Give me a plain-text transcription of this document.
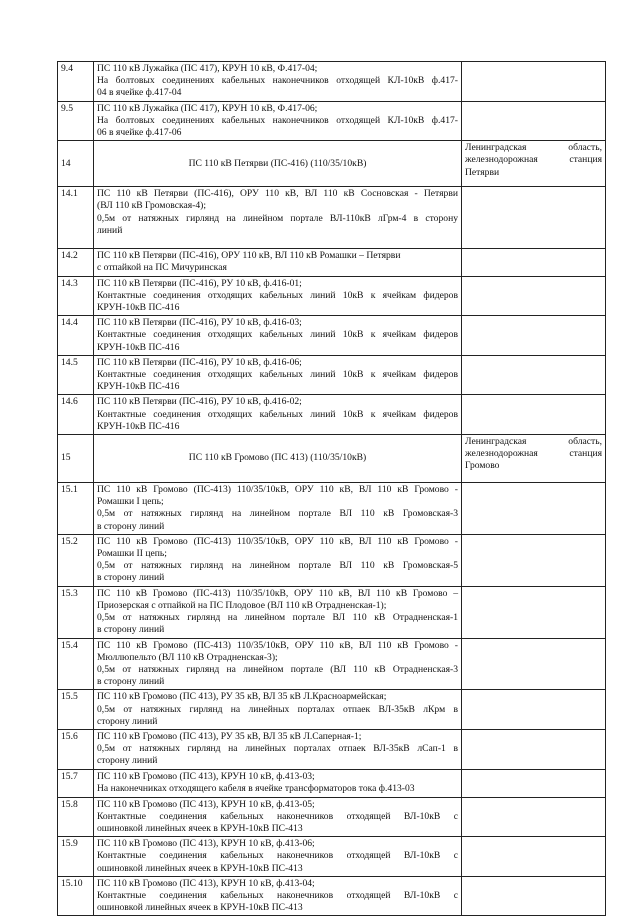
9.4	ПС 110 кВ Лужайка (ПС 417), КРУН 10 кВ, Ф.417-04;
На болтовых соединениях кабельных наконечников отходящей КЛ-10кВ ф.417-
04 в ячейке ф.417-04	

9.5	ПС 110 кВ Лужайка (ПС 417), КРУН 10 кВ, Ф.417-06;
На болтовых соединениях кабельных наконечников отходящей КЛ-10кВ ф.417-
06 в ячейке ф.417-06	

14	ПС 110 кВ Петярви (ПС-416) (110/35/10кВ)	Ленинградская область,
железнодорожная станция
Петярви

14.1	ПС 110 кВ Петярви (ПС-416), ОРУ 110 кВ, ВЛ 110 кВ Сосновская - Петярви
(ВЛ 110 кВ Громовская-4);
0,5м от натяжных гирлянд на линейном портале ВЛ-110кВ лГрм-4 в сторону
линий	

14.2	ПС 110 кВ Петярви (ПС-416), ОРУ 110 кВ, ВЛ 110 кВ Ромашки – Петярви
с отпайкой на ПС Мичуринская	

14.3	ПС 110 кВ Петярви (ПС-416), РУ 10 кВ, ф.416-01;
Контактные соединения отходящих кабельных линий 10кВ к ячейкам фидеров
КРУН-10кВ ПС-416	

14.4	ПС 110 кВ Петярви (ПС-416), РУ 10 кВ, ф.416-03;
Контактные соединения отходящих кабельных линий 10кВ к ячейкам фидеров
КРУН-10кВ ПС-416	

14.5	ПС 110 кВ Петярви (ПС-416), РУ 10 кВ, ф.416-06;
Контактные соединения отходящих кабельных линий 10кВ к ячейкам фидеров
КРУН-10кВ ПС-416	

14.6	ПС 110 кВ Петярви (ПС-416), РУ 10 кВ, ф.416-02;
Контактные соединения отходящих кабельных линий 10кВ к ячейкам фидеров
КРУН-10кВ ПС-416	

15	ПС 110 кВ Громово (ПС 413) (110/35/10кВ)	Ленинградская область,
железнодорожная станция
Громово

15.1	ПС 110 кВ Громово (ПС-413) 110/35/10кВ, ОРУ 110 кВ, ВЛ 110 кВ Громово -
Ромашки I цепь;
0,5м от натяжных гирлянд на линейном портале ВЛ 110 кВ Громовская-3
в сторону линий	

15.2	ПС 110 кВ Громово (ПС-413) 110/35/10кВ, ОРУ 110 кВ, ВЛ 110 кВ Громово -
Ромашки II цепь;
0,5м от натяжных гирлянд на линейном портале ВЛ 110 кВ Громовская-5
в сторону линий	

15.3	ПС 110 кВ Громово (ПС-413) 110/35/10кВ, ОРУ 110 кВ, ВЛ 110 кВ Громово –
Приозерская с отпайкой на ПС Плодовое (ВЛ 110 кВ Отрадненская-1);
0,5м от натяжных гирлянд на линейном портале ВЛ 110 кВ Отрадненская-1
в сторону линий	

15.4	ПС 110 кВ Громово (ПС-413) 110/35/10кВ, ОРУ 110 кВ, ВЛ 110 кВ Громово -
Мюллюпельто (ВЛ 110 кВ Отрадненская-3);
0,5м от натяжных гирлянд на линейном портале (ВЛ 110 кВ Отрадненская-3
в сторону линий	

15.5	ПС 110 кВ Громово (ПС 413), РУ 35 кВ, ВЛ 35 кВ Л.Красноармейская;
0,5м от натяжных гирлянд на линейных порталах отпаек ВЛ-35кВ лКрм в
сторону линий	

15.6	ПС 110 кВ Громово (ПС 413), РУ 35 кВ, ВЛ 35 кВ Л.Саперная-1;
0,5м от натяжных гирлянд на линейных порталах отпаек ВЛ-35кВ лСап-1 в
сторону линий	

15.7	ПС 110 кВ Громово (ПС 413), КРУН 10 кВ, ф.413-03;
На наконечниках отходящего кабеля в ячейке трансформаторов тока ф.413-03	

15.8	ПС 110 кВ Громово (ПС 413), КРУН 10 кВ, ф.413-05;
Контактные соединения кабельных наконечников отходящей ВЛ-10кВ с
ошиновкой линейных ячеек в КРУН-10кВ ПС-413	

15.9	ПС 110 кВ Громово (ПС 413), КРУН 10 кВ, ф.413-06;
Контактные соединения кабельных наконечников отходящей ВЛ-10кВ с
ошиновкой линейных ячеек в КРУН-10кВ ПС-413	

15.10	ПС 110 кВ Громово (ПС 413), КРУН 10 кВ, ф.413-04;
Контактные соединения кабельных наконечников отходящей ВЛ-10кВ с
ошиновкой линейных ячеек в КРУН-10кВ ПС-413	
